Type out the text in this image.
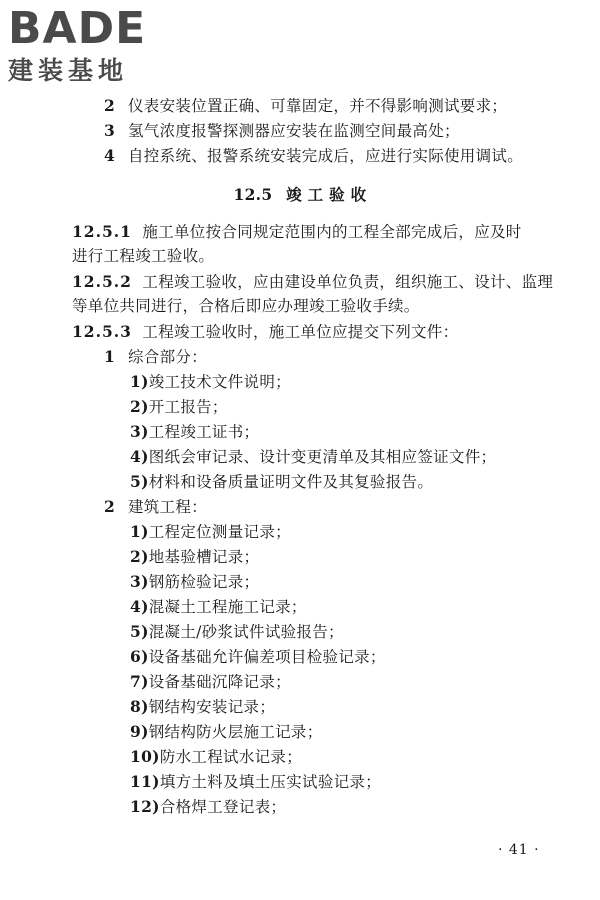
BADE
建装基地
2 仪表安装位置正确、可靠固定，并不得影响测试要求；
3 氢气浓度报警探测器应安装在监测空间最高处；
4 自控系统、报警系统安装完成后，应进行实际使用调试。
12.5 竣 工 验 收
12.5.1 施工单位按合同规定范围内的工程全部完成后，应及时
进行工程竣工验收。
12.5.2 工程竣工验收，应由建设单位负责，组织施工、设计、监理
等单位共同进行，合格后即应办理竣工验收手续。
12.5.3 工程竣工验收时，施工单位应提交下列文件：
1 综合部分：
1)竣工技术文件说明；
2)开工报告；
3)工程竣工证书；
4)图纸会审记录、设计变更清单及其相应签证文件；
5)材料和设备质量证明文件及其复验报告。
2 建筑工程：
1)工程定位测量记录；
2)地基验槽记录；
3)钢筋检验记录；
4)混凝土工程施工记录；
5)混凝土/砂浆试件试验报告；
6)设备基础允许偏差项目检验记录；
7)设备基础沉降记录；
8)钢结构安装记录；
9)钢结构防火层施工记录；
10)防水工程试水记录；
11)填方土料及填土压实试验记录；
12)合格焊工登记表；
· 41 ·
